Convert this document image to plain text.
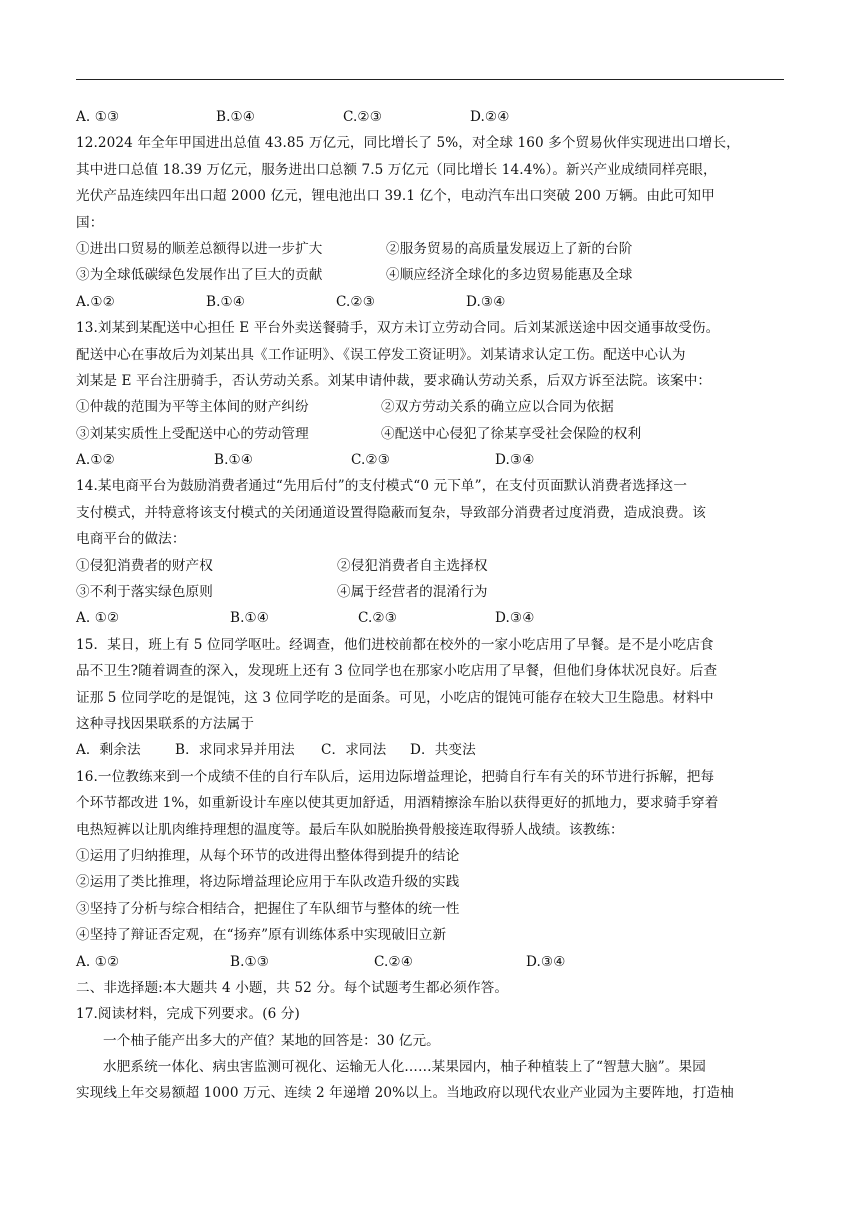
A. ①③	B.①④	C.②③	D.②④
12.2024 年全年甲国进出总值 43.85 万亿元，同比增长了 5%，对全球 160 多个贸易伙伴实现进出口增长，
其中进口总值 18.39 万亿元，服务进出口总额 7.5 万亿元（同比增长 14.4%）。新兴产业成绩同样亮眼，
光伏产品连续四年出口超 2000 亿元，锂电池出口 39.1 亿个，电动汽车出口突破 200 万辆。由此可知甲
国：
①进出口贸易的顺差总额得以进一步扩大	②服务贸易的高质量发展迈上了新的台阶
③为全球低碳绿色发展作出了巨大的贡献	④顺应经济全球化的多边贸易能惠及全球
A.①②	B.①④	C.②③	D.③④
13.刘某到某配送中心担任 E 平台外卖送餐骑手，双方未订立劳动合同。后刘某派送途中因交通事故受伤。
配送中心在事故后为刘某出具《工作证明》、《误工停发工资证明》。刘某请求认定工伤。配送中心认为
刘某是 E 平台注册骑手，否认劳动关系。刘某申请仲裁，要求确认劳动关系，后双方诉至法院。该案中：
①仲裁的范围为平等主体间的财产纠纷	②双方劳动关系的确立应以合同为依据
③刘某实质性上受配送中心的劳动管理	④配送中心侵犯了徐某享受社会保险的权利
A.①②	B.①④	C.②③	D.③④
14.某电商平台为鼓励消费者通过“先用后付”的支付模式“0 元下单”，在支付页面默认消费者选择这一
支付模式，并特意将该支付模式的关闭通道设置得隐蔽而复杂，导致部分消费者过度消费，造成浪费。该
电商平台的做法：
①侵犯消费者的财产权	②侵犯消费者自主选择权
③不利于落实绿色原则	④属于经营者的混淆行为
A. ①②	B.①④	C.②③	D.③④
15．某日，班上有 5 位同学呕吐。经调查，他们进校前都在校外的一家小吃店用了早餐。是不是小吃店食
品不卫生?随着调查的深入，发现班上还有 3 位同学也在那家小吃店用了早餐，但他们身体状况良好。后查
证那 5 位同学吃的是馄饨，这 3 位同学吃的是面条。可见，小吃店的馄饨可能存在较大卫生隐患。材料中
这种寻找因果联系的方法属于
A．剩余法	B．求同求异并用法	C．求同法	D．共变法
16.一位教练来到一个成绩不佳的自行车队后，运用边际增益理论，把骑自行车有关的环节进行拆解，把每
个环节都改进 1%，如重新设计车座以使其更加舒适，用酒精擦涂车胎以获得更好的抓地力，要求骑手穿着
电热短裤以让肌肉维持理想的温度等。最后车队如脱胎换骨般接连取得骄人战绩。该教练：
①运用了归纳推理，从每个环节的改进得出整体得到提升的结论
②运用了类比推理，将边际增益理论应用于车队改造升级的实践
③坚持了分析与综合相结合，把握住了车队细节与整体的统一性
④坚持了辩证否定观，在“扬弃”原有训练体系中实现破旧立新
A. ①②	B.①③	C.②④	D.③④
二、非选择题:本大题共 4 小题，共 52 分。每个试题考生都必须作答。
17.阅读材料，完成下列要求。(6 分)
一个柚子能产出多大的产值？某地的回答是：30 亿元。
水肥系统一体化、病虫害监测可视化、运输无人化……某果园内，柚子种植装上了“智慧大脑”。果园
实现线上年交易额超 1000 万元、连续 2 年递增 20%以上。当地政府以现代农业产业园为主要阵地，打造柚
